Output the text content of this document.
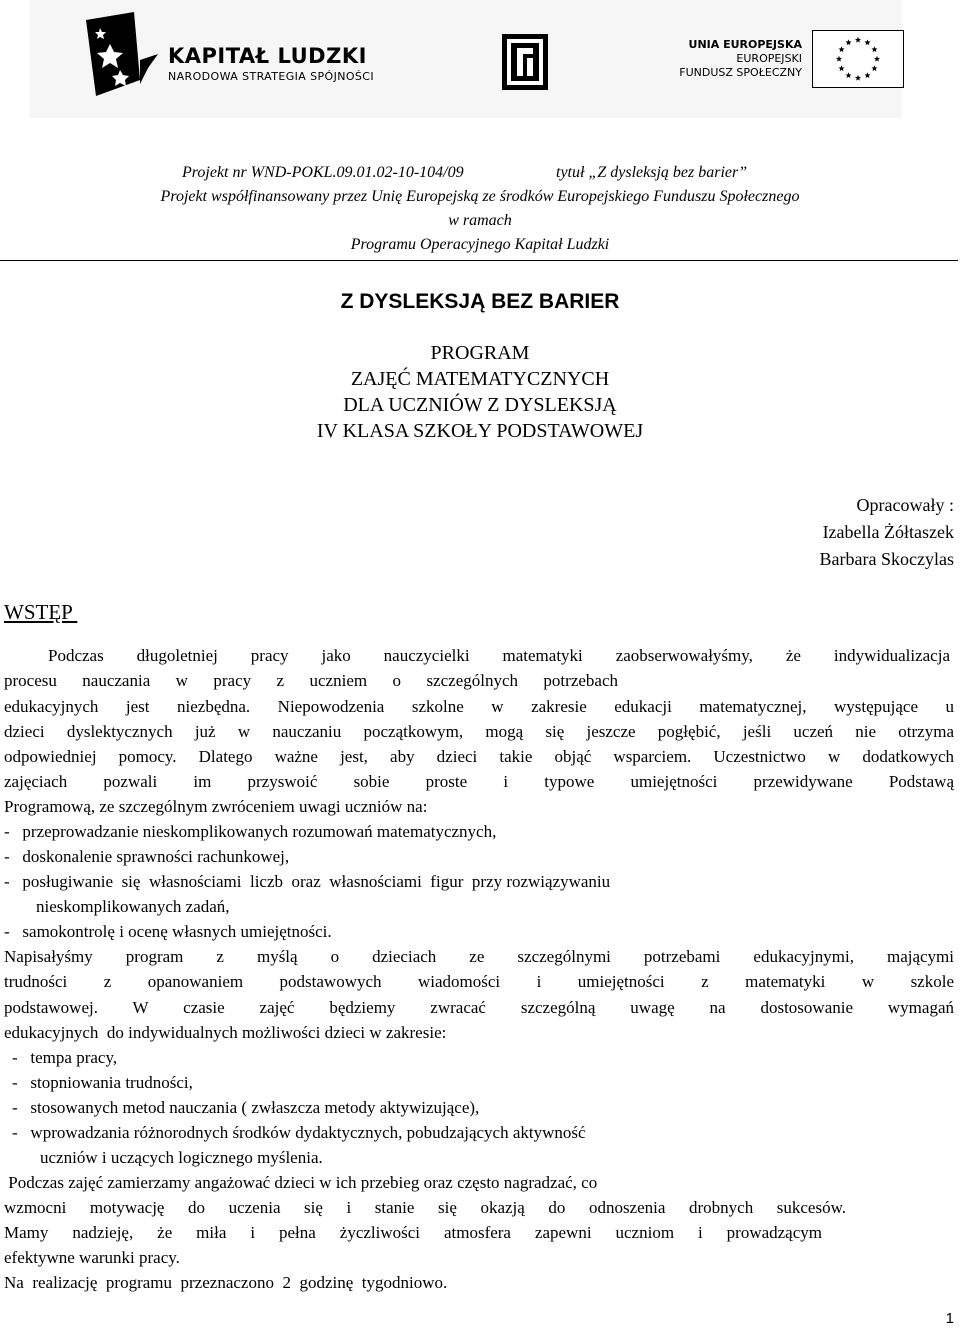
KAPITAŁ LUDZKI
NARODOWA STRATEGIA SPÓJNOŚCI
UNIA EUROPEJSKA
EUROPEJSKI
FUNDUSZ SPOŁECZNY
Projekt nr WND-POKL.09.01.02-10-104/09	tytuł „Z dysleksją bez barier”
Projekt współfinansowany przez Unię Europejską ze środków Europejskiego Funduszu Społecznego
w ramach
Programu Operacyjnego Kapitał Ludzki
Z DYSLEKSJĄ BEZ BARIER
PROGRAM
ZAJĘĆ MATEMATYCZNYCH
DLA UCZNIÓW Z DYSLEKSJĄ
IV KLASA SZKOŁY PODSTAWOWEJ
Opracowały :
Izabella Żółtaszek
Barbara Skoczylas
WSTĘP
Podczas długoletniej pracy jako nauczycielki matematyki zaobserwowałyśmy, że indywidualizacja
procesu nauczania w pracy z uczniem o szczególnych potrzebach
edukacyjnych jest niezbędna. Niepowodzenia szkolne w zakresie edukacji matematycznej, występujące u
dzieci dyslektycznych już w nauczaniu początkowym, mogą się jeszcze pogłębić, jeśli uczeń nie otrzyma
odpowiedniej pomocy. Dlatego ważne jest, aby dzieci takie objąć wsparciem. Uczestnictwo w dodatkowych
zajęciach pozwali im przyswoić sobie proste i typowe umiejętności przewidywane Podstawą
Programową, ze szczególnym zwróceniem uwagi uczniów na:
-   przeprowadzanie nieskomplikowanych rozumowań matematycznych,
-   doskonalenie sprawności rachunkowej,
-   posługiwanie  się  własnościami  liczb  oraz  własnościami  figur  przy rozwiązywaniu
nieskomplikowanych zadań,
-   samokontrolę i ocenę własnych umiejętności.
Napisałyśmy program z myślą o dzieciach ze szczególnymi potrzebami edukacyjnymi, mającymi
trudności z opanowaniem podstawowych wiadomości i umiejętności z matematyki w szkole
podstawowej. W czasie zajęć będziemy zwracać szczególną uwagę na dostosowanie wymagań
edukacyjnych  do indywidualnych możliwości dzieci w zakresie:
-   tempa pracy,
-   stopniowania trudności,
-   stosowanych metod nauczania ( zwłaszcza metody aktywizujące),
-   wprowadzania różnorodnych środków dydaktycznych, pobudzających aktywność
uczniów i uczących logicznego myślenia.
Podczas zajęć zamierzamy angażować dzieci w ich przebieg oraz często nagradzać, co
wzmocni motywację do uczenia się i stanie się okazją do odnoszenia drobnych sukcesów.
Mamy nadzieję, że miła i pełna życzliwości atmosfera zapewni uczniom i prowadzącym
efektywne warunki pracy.
Na  realizację  programu  przeznaczono  2  godzinę  tygodniowo.
1
